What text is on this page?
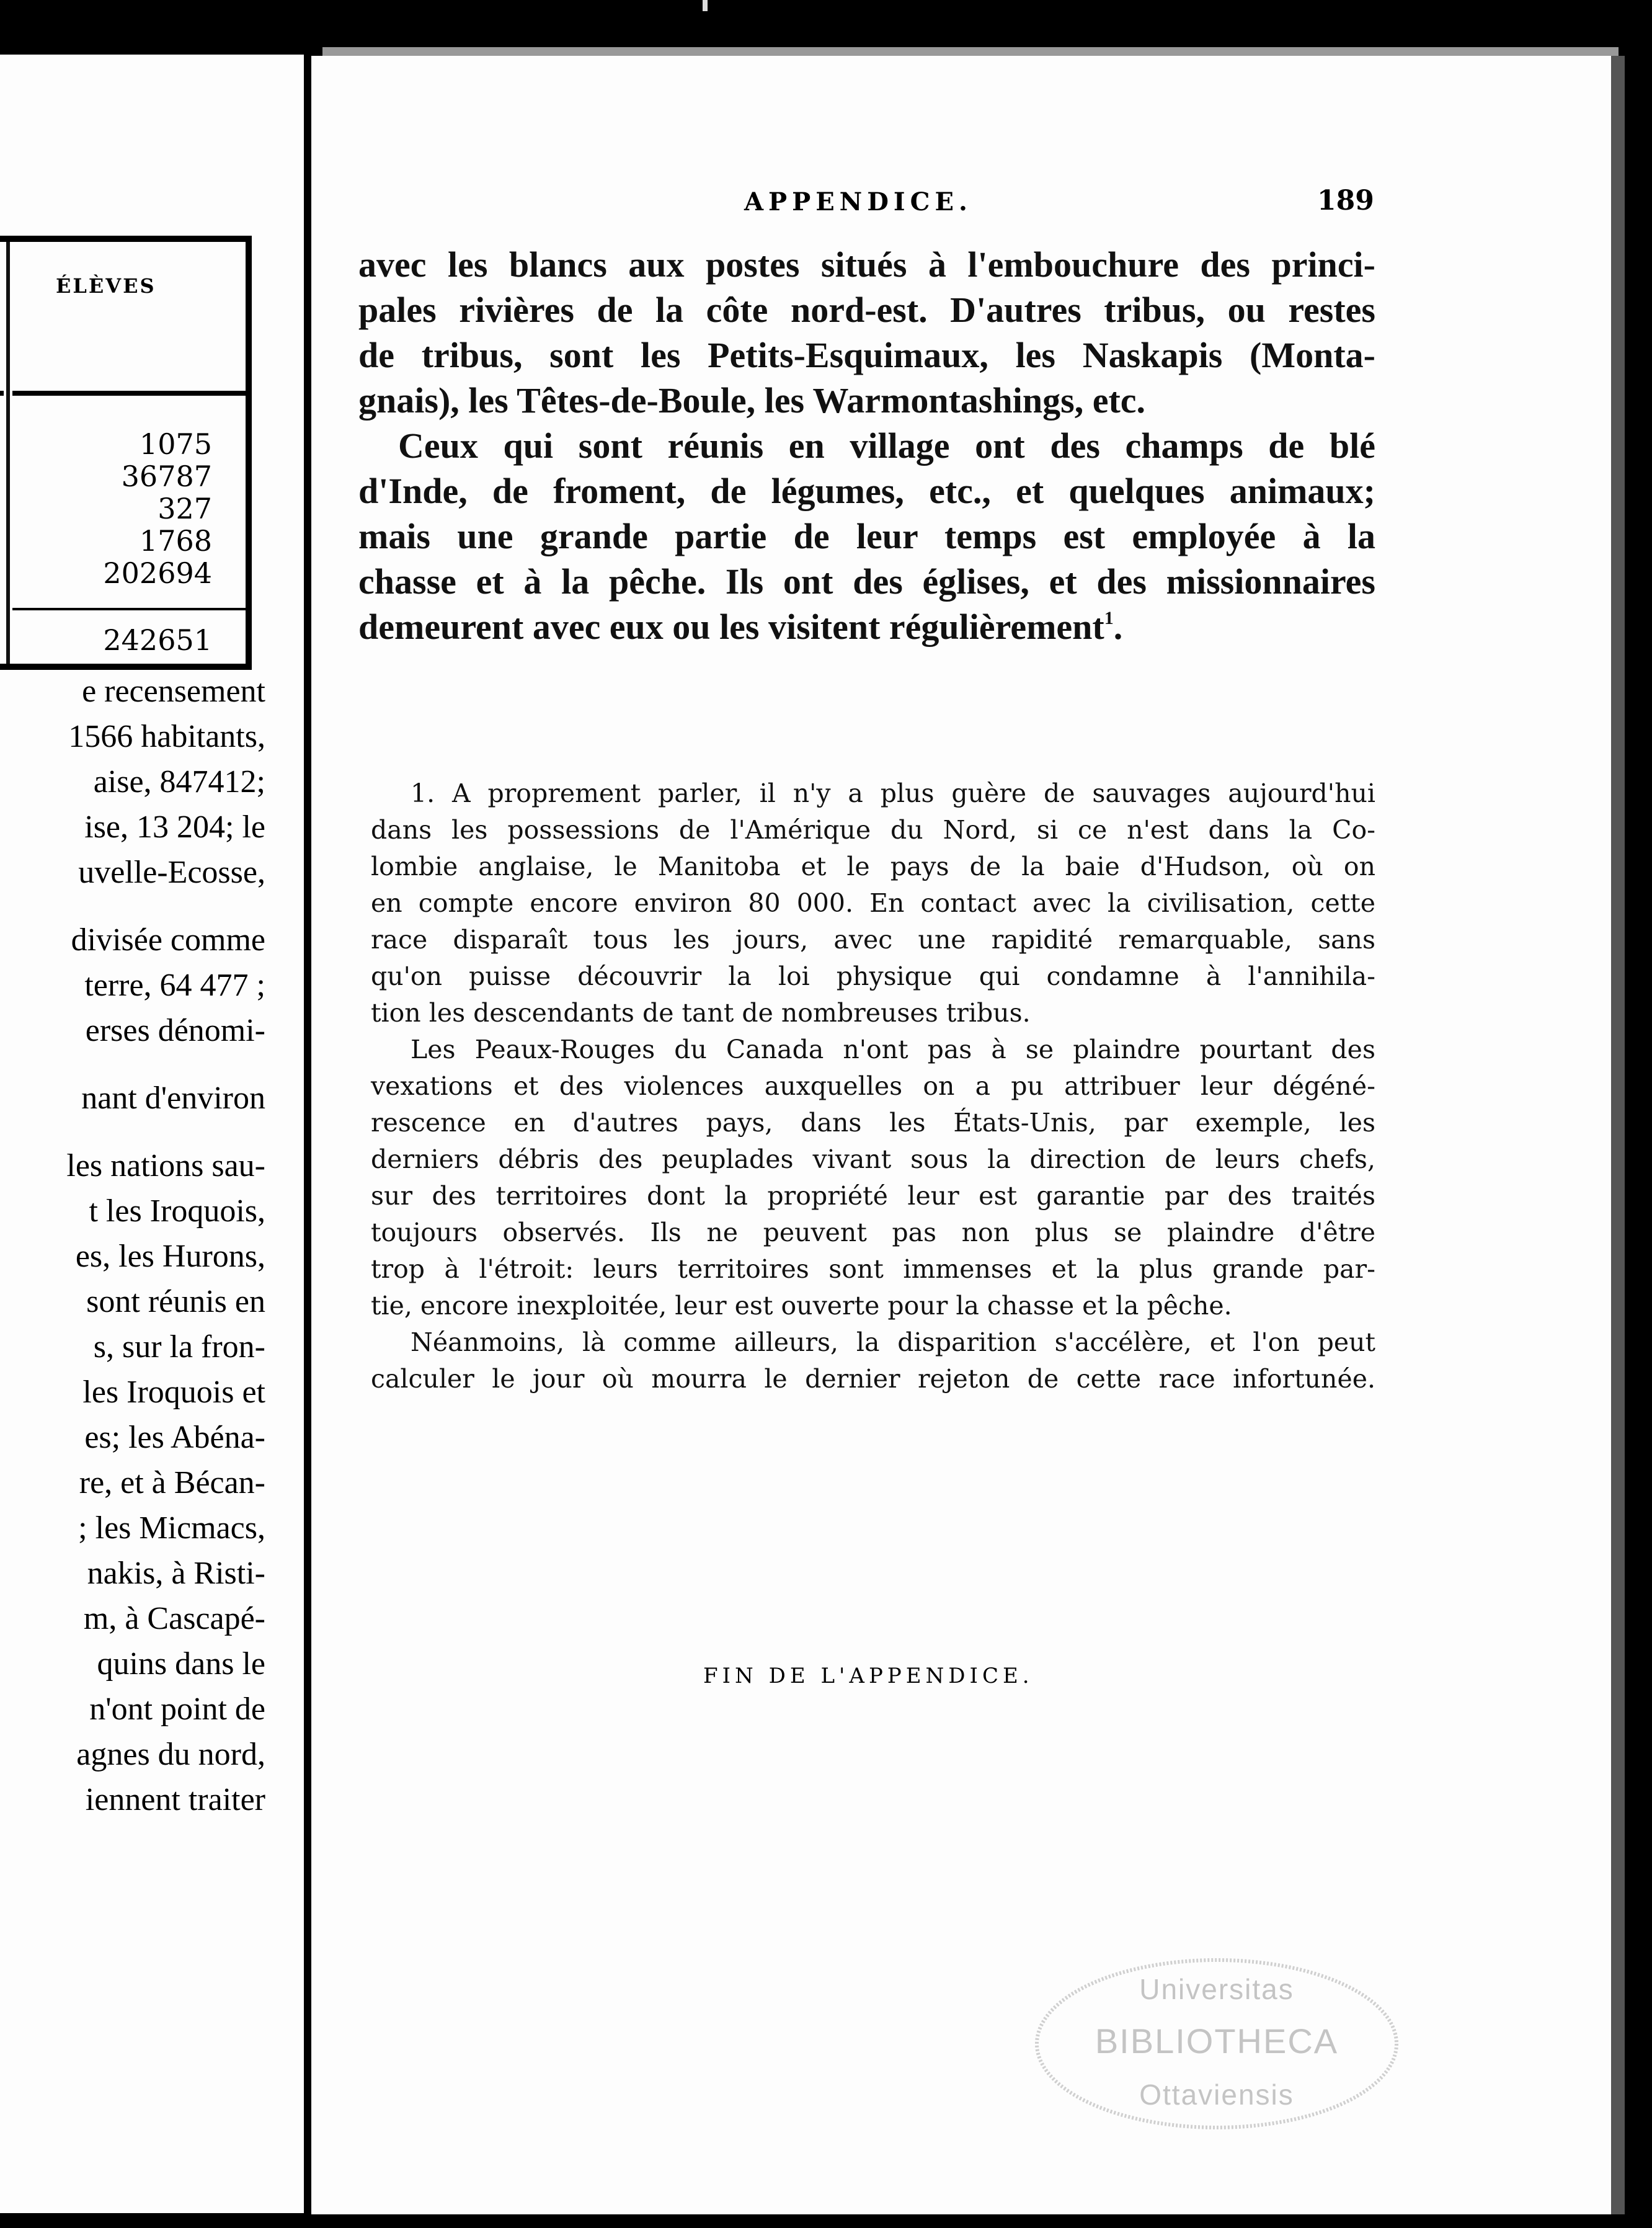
ÉLÈVES
1075
36787
327
1768
202694
242651
e recensement
1566 habitants,
aise, 847412;
ise, 13 204; le
uvelle-Ecosse,
divisée comme
terre, 64 477 ;
erses dénomi-
nant d'environ
les nations sau-
t les Iroquois,
es, les Hurons,
sont réunis en
s, sur la fron-
les Iroquois et
es; les Abéna-
re, et à Bécan-
; les Micmacs,
nakis, à Risti-
m, à Cascapé-
quins dans le
n'ont point de
agnes du nord,
iennent traiter
APPENDICE.	189
avec les blancs aux postes situés à l'embouchure des princi-
pales rivières de la côte nord-est. D'autres tribus, ou restes
de tribus, sont les Petits-Esquimaux, les Naskapis (Monta-
gnais), les Têtes-de-Boule, les Warmontashings, etc.
Ceux qui sont réunis en village ont des champs de blé
d'Inde, de froment, de légumes, etc., et quelques animaux;
mais une grande partie de leur temps est employée à la
chasse et à la pêche. Ils ont des églises, et des missionnaires
demeurent avec eux ou les visitent régulièrement$^1$.
1. A proprement parler, il n'y a plus guère de sauvages aujourd'hui
dans les possessions de l'Amérique du Nord, si ce n'est dans la Co-
lombie anglaise, le Manitoba et le pays de la baie d'Hudson, où on
en compte encore environ 80 000. En contact avec la civilisation, cette
race disparaît tous les jours, avec une rapidité remarquable, sans
qu'on puisse découvrir la loi physique qui condamne à l'annihila-
tion les descendants de tant de nombreuses tribus.
Les Peaux-Rouges du Canada n'ont pas à se plaindre pourtant des
vexations et des violences auxquelles on a pu attribuer leur dégéné-
rescence en d'autres pays, dans les États-Unis, par exemple, les
derniers débris des peuplades vivant sous la direction de leurs chefs,
sur des territoires dont la propriété leur est garantie par des traités
toujours observés. Ils ne peuvent pas non plus se plaindre d'être
trop à l'étroit: leurs territoires sont immenses et la plus grande par-
tie, encore inexploitée, leur est ouverte pour la chasse et la pêche.
Néanmoins, là comme ailleurs, la disparition s'accélère, et l'on peut
calculer le jour où mourra le dernier rejeton de cette race infortunée.
FIN DE L'APPENDICE.
Universitas
BIBLIOTHECA
Ottaviensis
